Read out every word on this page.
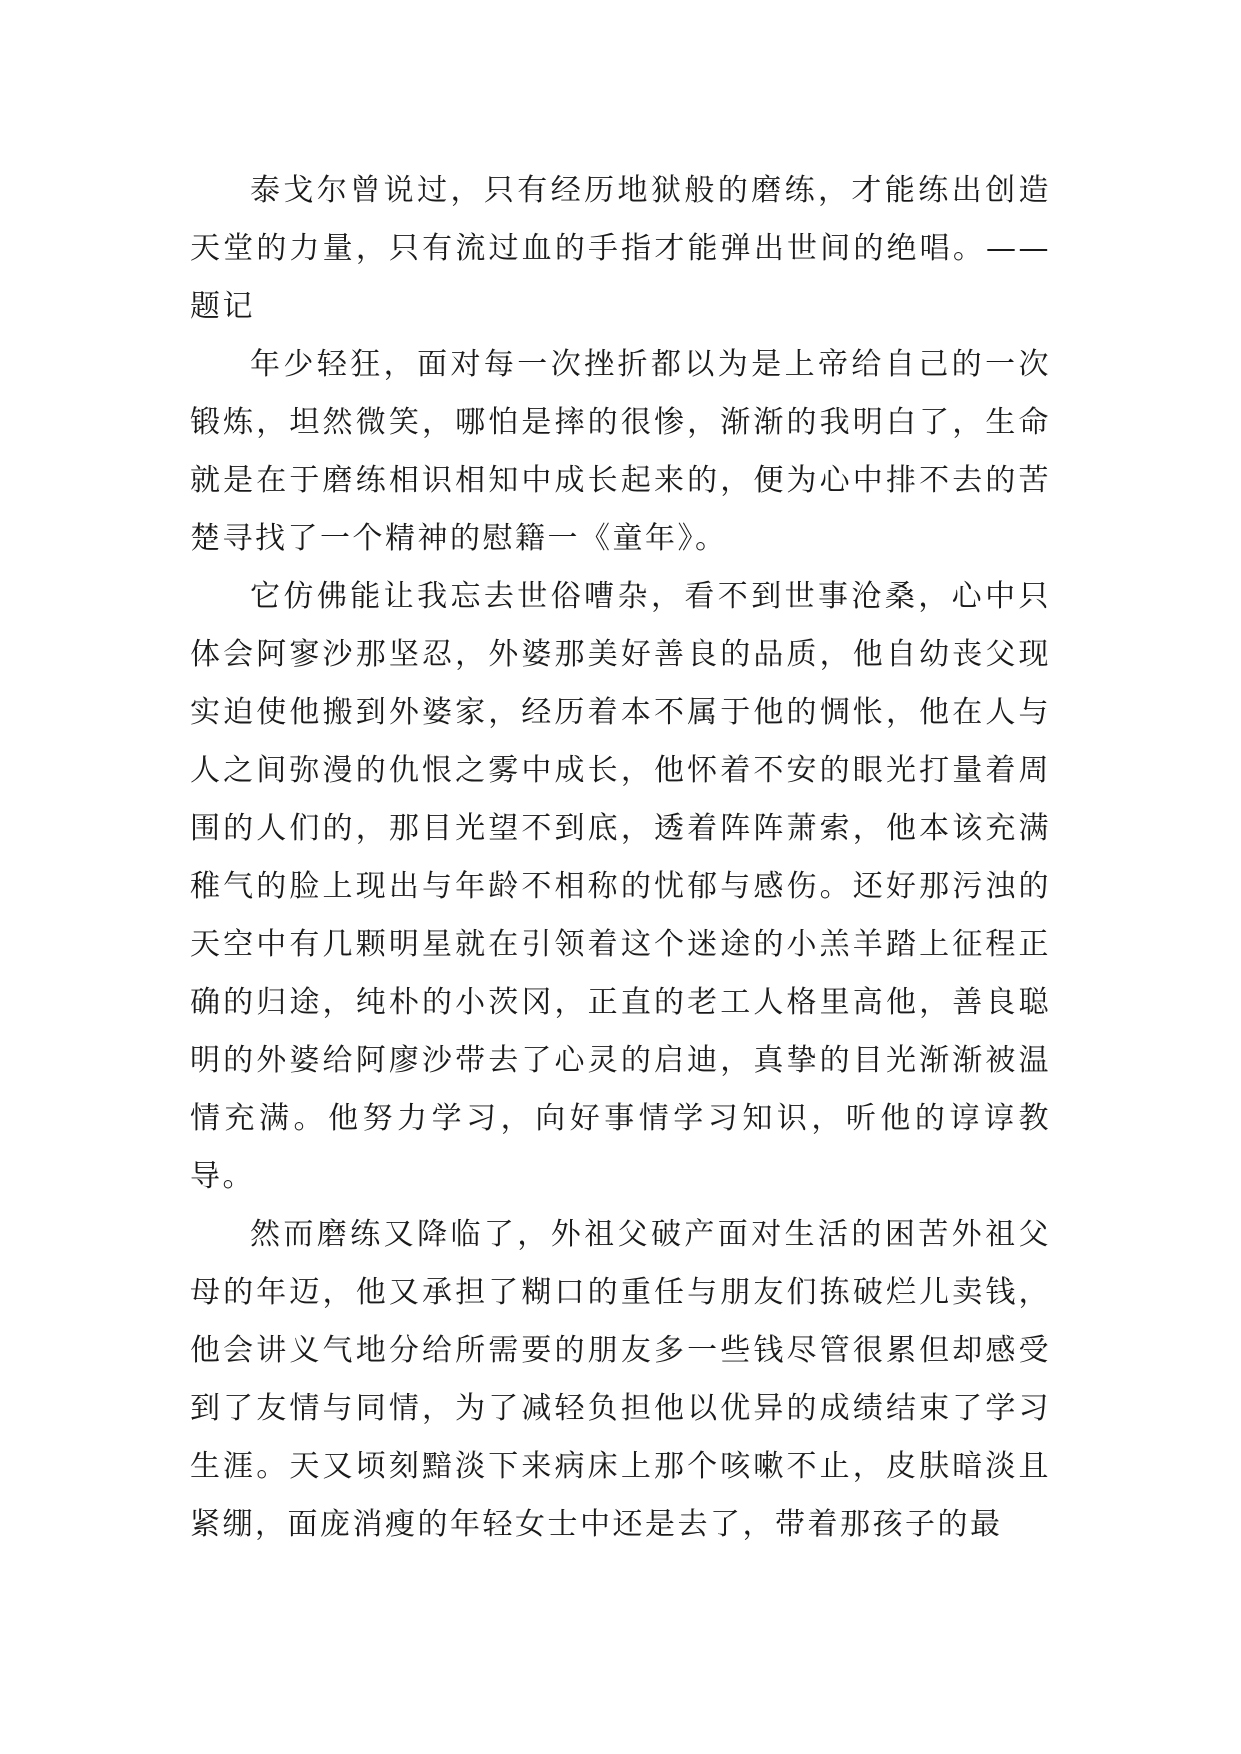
泰戈尔曾说过，只有经历地狱般的磨练，才能练出创造天堂的力量，只有流过血的手指才能弹出世间的绝唱。——题记

年少轻狂，面对每一次挫折都以为是上帝给自己的一次锻炼，坦然微笑，哪怕是摔的很惨，渐渐的我明白了，生命就是在于磨练相识相知中成长起来的，便为心中排不去的苦楚寻找了一个精神的慰籍一《童年》。

它仿佛能让我忘去世俗嘈杂，看不到世事沧桑，心中只体会阿寥沙那坚忍，外婆那美好善良的品质，他自幼丧父现实迫使他搬到外婆家，经历着本不属于他的惆怅，他在人与人之间弥漫的仇恨之雾中成长，他怀着不安的眼光打量着周围的人们的，那目光望不到底，透着阵阵萧索，他本该充满稚气的脸上现出与年龄不相称的忧郁与感伤。还好那污浊的天空中有几颗明星就在引领着这个迷途的小羔羊踏上征程正确的归途，纯朴的小茨冈，正直的老工人格里高他，善良聪明的外婆给阿廖沙带去了心灵的启迪，真挚的目光渐渐被温情充满。他努力学习，向好事情学习知识，听他的谆谆教导。

然而磨练又降临了，外祖父破产面对生活的困苦外祖父母的年迈，他又承担了糊口的重任与朋友们拣破烂儿卖钱，他会讲义气地分给所需要的朋友多一些钱尽管很累但却感受到了友情与同情，为了减轻负担他以优异的成绩结束了学习生涯。天又顷刻黯淡下来病床上那个咳嗽不止，皮肤暗淡且紧绷，面庞消瘦的年轻女士中还是去了，带着那孩子的最
